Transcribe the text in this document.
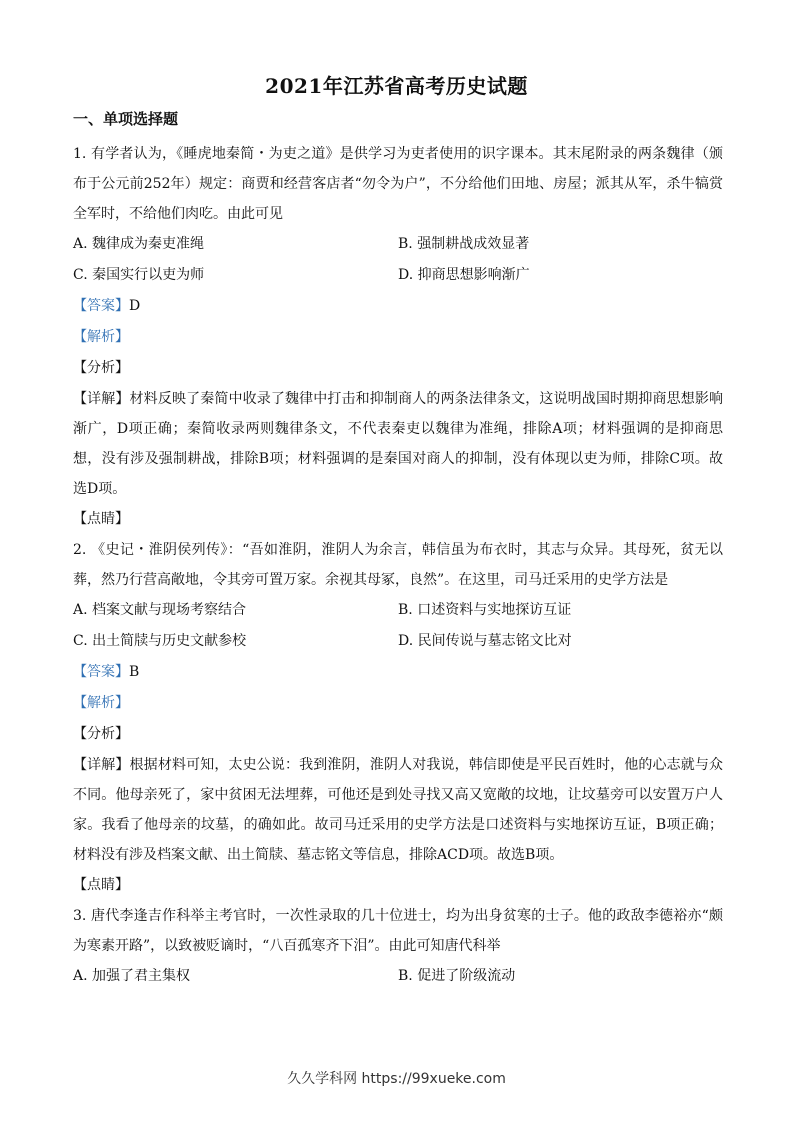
2021年江苏省高考历史试题
一、单项选择题

1. 有学者认为，《睡虎地秦简・为吏之道》是供学习为吏者使用的识字课本。其末尾附录的两条魏律（颁布于公元前252年）规定：商贾和经营客店者“勿令为户”，不分给他们田地、房屋；派其从军，杀牛犒赏全军时，不给他们肉吃。由此可见

A. 魏律成为秦吏准绳	B. 强制耕战成效显著
C. 秦国实行以吏为师	D. 抑商思想影响渐广
【答案】D
【解析】
【分析】

【详解】材料反映了秦简中收录了魏律中打击和抑制商人的两条法律条文，这说明战国时期抑商思想影响渐广，D项正确；秦简收录两则魏律条文，不代表秦吏以魏律为准绳，排除A项；材料强调的是抑商思想，没有涉及强制耕战，排除B项；材料强调的是秦国对商人的抑制，没有体现以吏为师，排除C项。故选D项。

【点睛】

2. 《史记・淮阴侯列传》：“吾如淮阴，淮阴人为余言，韩信虽为布衣时，其志与众异。其母死，贫无以葬，然乃行营高敞地，令其旁可置万家。余视其母冢，良然”。在这里，司马迁采用的史学方法是

A. 档案文献与现场考察结合	B. 口述资料与实地探访互证
C. 出土简牍与历史文献参校	D. 民间传说与墓志铭文比对
【答案】B
【解析】
【分析】

【详解】根据材料可知，太史公说：我到淮阴，淮阴人对我说，韩信即使是平民百姓时，他的心志就与众不同。他母亲死了，家中贫困无法埋葬，可他还是到处寻找又高又宽敞的坟地，让坟墓旁可以安置万户人家。我看了他母亲的坟墓，的确如此。故司马迁采用的史学方法是口述资料与实地探访互证，B项正确；材料没有涉及档案文献、出土简牍、墓志铭文等信息，排除ACD项。故选B项。

【点睛】

3. 唐代李逢吉作科举主考官时，一次性录取的几十位进士，均为出身贫寒的士子。他的政敌李德裕亦“颇为寒素开路”，以致被贬谪时，“八百孤寒齐下泪”。由此可知唐代科举

A. 加强了君主集权	B. 促进了阶级流动
久久学科网 https://99xueke.com
